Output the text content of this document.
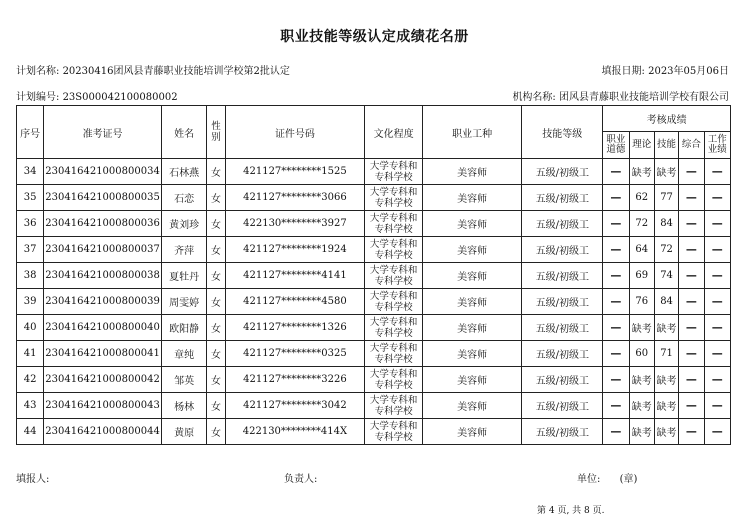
职业技能等级认定成绩花名册
计划名称: 20230416团风县青藤职业技能培训学校第2批认定	填报日期: 2023年05月06日
计划编号: 23S000042100080002	机构名称: 团风县青藤职业技能培训学校有限公司
序号	准考证号	姓名	性别	证件号码	文化程度	职业工种	技能等级	考核成绩				
								职业道德	理论	技能	综合	工作业绩
34	230416421000800034	石林燕	女	421127********1525	大学专科和专科学校	美容师	五级/初级工	—	缺考	缺考	—	—
35	230416421000800035	石恋	女	421127********3066	大学专科和专科学校	美容师	五级/初级工	—	62	77	—	—
36	230416421000800036	黄刘珍	女	422130********3927	大学专科和专科学校	美容师	五级/初级工	—	72	84	—	—
37	230416421000800037	齐萍	女	421127********1924	大学专科和专科学校	美容师	五级/初级工	—	64	72	—	—
38	230416421000800038	夏牡丹	女	421127********4141	大学专科和专科学校	美容师	五级/初级工	—	69	74	—	—
39	230416421000800039	周雯婷	女	421127********4580	大学专科和专科学校	美容师	五级/初级工	—	76	84	—	—
40	230416421000800040	欧阳静	女	421127********1326	大学专科和专科学校	美容师	五级/初级工	—	缺考	缺考	—	—
41	230416421000800041	章纯	女	421127********0325	大学专科和专科学校	美容师	五级/初级工	—	60	71	—	—
42	230416421000800042	邹英	女	421127********3226	大学专科和专科学校	美容师	五级/初级工	—	缺考	缺考	—	—
43	230416421000800043	杨林	女	421127********3042	大学专科和专科学校	美容师	五级/初级工	—	缺考	缺考	—	—
44	230416421000800044	黄原	女	422130********414X	大学专科和专科学校	美容师	五级/初级工	—	缺考	缺考	—	—
填报人:	负责人:	单位: (章)
第 4 页, 共 8 页.
